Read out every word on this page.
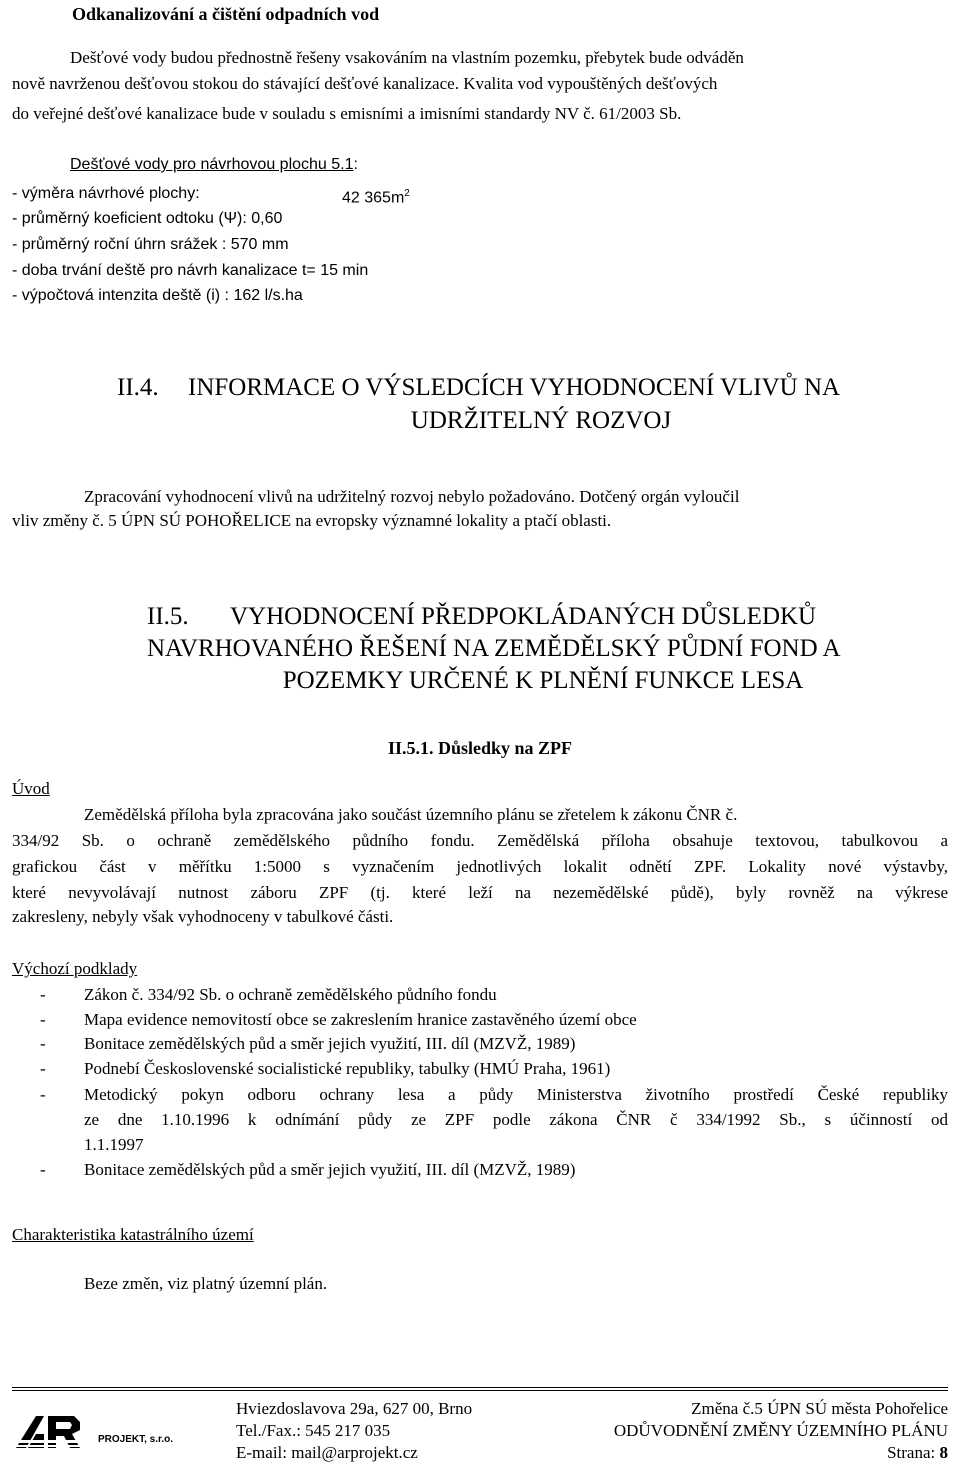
Odkanalizování a čištění odpadních vod
Dešťové vody budou přednostně řešeny vsakováním na vlastním pozemku, přebytek bude odváděn
nově navrženou dešťovou stokou do stávající dešťové kanalizace. Kvalita vod vypouštěných dešťových
do veřejné dešťové kanalizace bude v souladu s emisními a imisními standardy NV č. 61/2003 Sb.
Dešťové vody pro návrhovou plochu 5.1:
- výměra návrhové plochy:	42 $365m^2$
- průměrný koeficient odtoku (Ψ): 0,60
- průměrný roční úhrn srážek : 570 mm
- doba trvání deště pro návrh kanalizace t= 15 min
- výpočtová intenzita deště (i) : 162 l/s.ha
II.4. INFORMACE O VÝSLEDCÍCH VYHODNOCENÍ VLIVŮ NA
UDRŽITELNÝ ROZVOJ
Zpracování vyhodnocení vlivů na udržitelný rozvoj nebylo požadováno. Dotčený orgán vyloučil
vliv změny č. 5 ÚPN SÚ POHOŘELICE na evropsky významné lokality a ptačí oblasti.
II.5. VYHODNOCENÍ PŘEDPOKLÁDANÝCH DŮSLEDKŮ
NAVRHOVANÉHO ŘEŠENÍ NA ZEMĚDĚLSKÝ PŮDNÍ FOND A
POZEMKY URČENÉ K PLNĚNÍ FUNKCE LESA
II.5.1. Důsledky na ZPF
Úvod
Zemědělská příloha byla zpracována jako součást územního plánu se zřetelem k zákonu ČNR č.
334/92 Sb. o ochraně zemědělského půdního fondu. Zemědělská příloha obsahuje textovou, tabulkovou a
grafickou část v měřítku 1:5000 s vyznačením jednotlivých lokalit odnětí ZPF. Lokality nové výstavby,
které nevyvolávají nutnost záboru ZPF (tj. které leží na nezemědělské půdě), byly rovněž na výkrese
zakresleny, nebyly však vyhodnoceny v tabulkové části.
Výchozí podklady
- Zákon č. 334/92 Sb. o ochraně zemědělského půdního fondu
- Mapa evidence nemovitostí obce se zakreslením hranice zastavěného území obce
- Bonitace zemědělských půd a směr jejich využití, III. díl (MZVŽ, 1989)
- Podnebí Československé socialistické republiky, tabulky (HMÚ Praha, 1961)
- Metodický pokyn odboru ochrany lesa a půdy Ministerstva životního prostředí České republiky
ze dne 1.10.1996 k odnímání půdy ze ZPF podle zákona ČNR č 334/1992 Sb., s účinností od
1.1.1997
- Bonitace zemědělských půd a směr jejich využití, III. díl (MZVŽ, 1989)
Charakteristika katastrálního území
Beze změn, viz platný územní plán.
PROJEKT, s.r.o.
Hviezdoslavova 29a, 627 00, Brno
Tel./Fax.: 545 217 035
E-mail: mail@arprojekt.cz
Změna č.5 ÚPN SÚ města Pohořelice
ODŮVODNĚNÍ ZMĚNY ÚZEMNÍHO PLÁNU
Strana: 8
